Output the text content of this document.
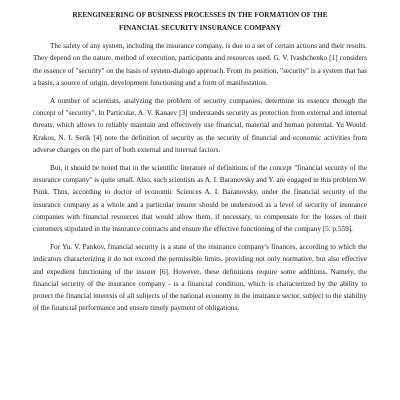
REENGINEERING OF BUSINESS PROCESSES IN THE FORMATION OF THE
FINANCIAL SECURITY INSURANCE COMPANY

The safety of any system, including the insurance company, is due to a set of certain actions and their results. They depend on the nature, method of execution, participants and resources used. G. V. Ivashchenko [1] considers the essence of "security" on the basis of system-dialogo approach. From its position, "security" is a system that has a basis, a source of origin, development functioning and a form of manifestation.

A number of scientists, analyzing the problem of security companies, determine its essence through the concept of "security". In Particular, A. V. Kanaev [3] understands security as protection from external and internal threats, which allows to reliably maintain and effectively use financial, material and human potential. Yu Would. Krakos, N. I. Serik [4] note the definition of security as the security of financial and economic activities from adverse changes on the part of both external and internal factors.

But, it should be noted that in the scientific literature of definitions of the concept "financial security of the insurance company" is quite small. Also, such scientists as A. I. Baranovsky and Y. are engaged in this problem.W. Punk. Thus, according to doctor of economic Sciences A. I. Baranovsky, under the financial security of the insurance company as a whole and a particular insurer should be understood as a level of security of insurance companies with financial resources that would allow them, if necessary, to compensate for the losses of their customers stipulated in the insurance contracts and ensure the effective functioning of the company [5. p.559].

For Yu. V. Pankov, financial security is a state of the insurance company's finances, according to which the indicators characterizing it do not exceed the permissible limits, providing not only normative, but also effective and expedient functioning of the insurer [6]. However, these definitions require some additions. Namely, the financial security of the insurance company - is a financial condition, which is characterized by the ability to protect the financial interests of all subjects of the national economy in the insurance sector, subject to the stability of the financial performance and ensure timely payment of obligations.
